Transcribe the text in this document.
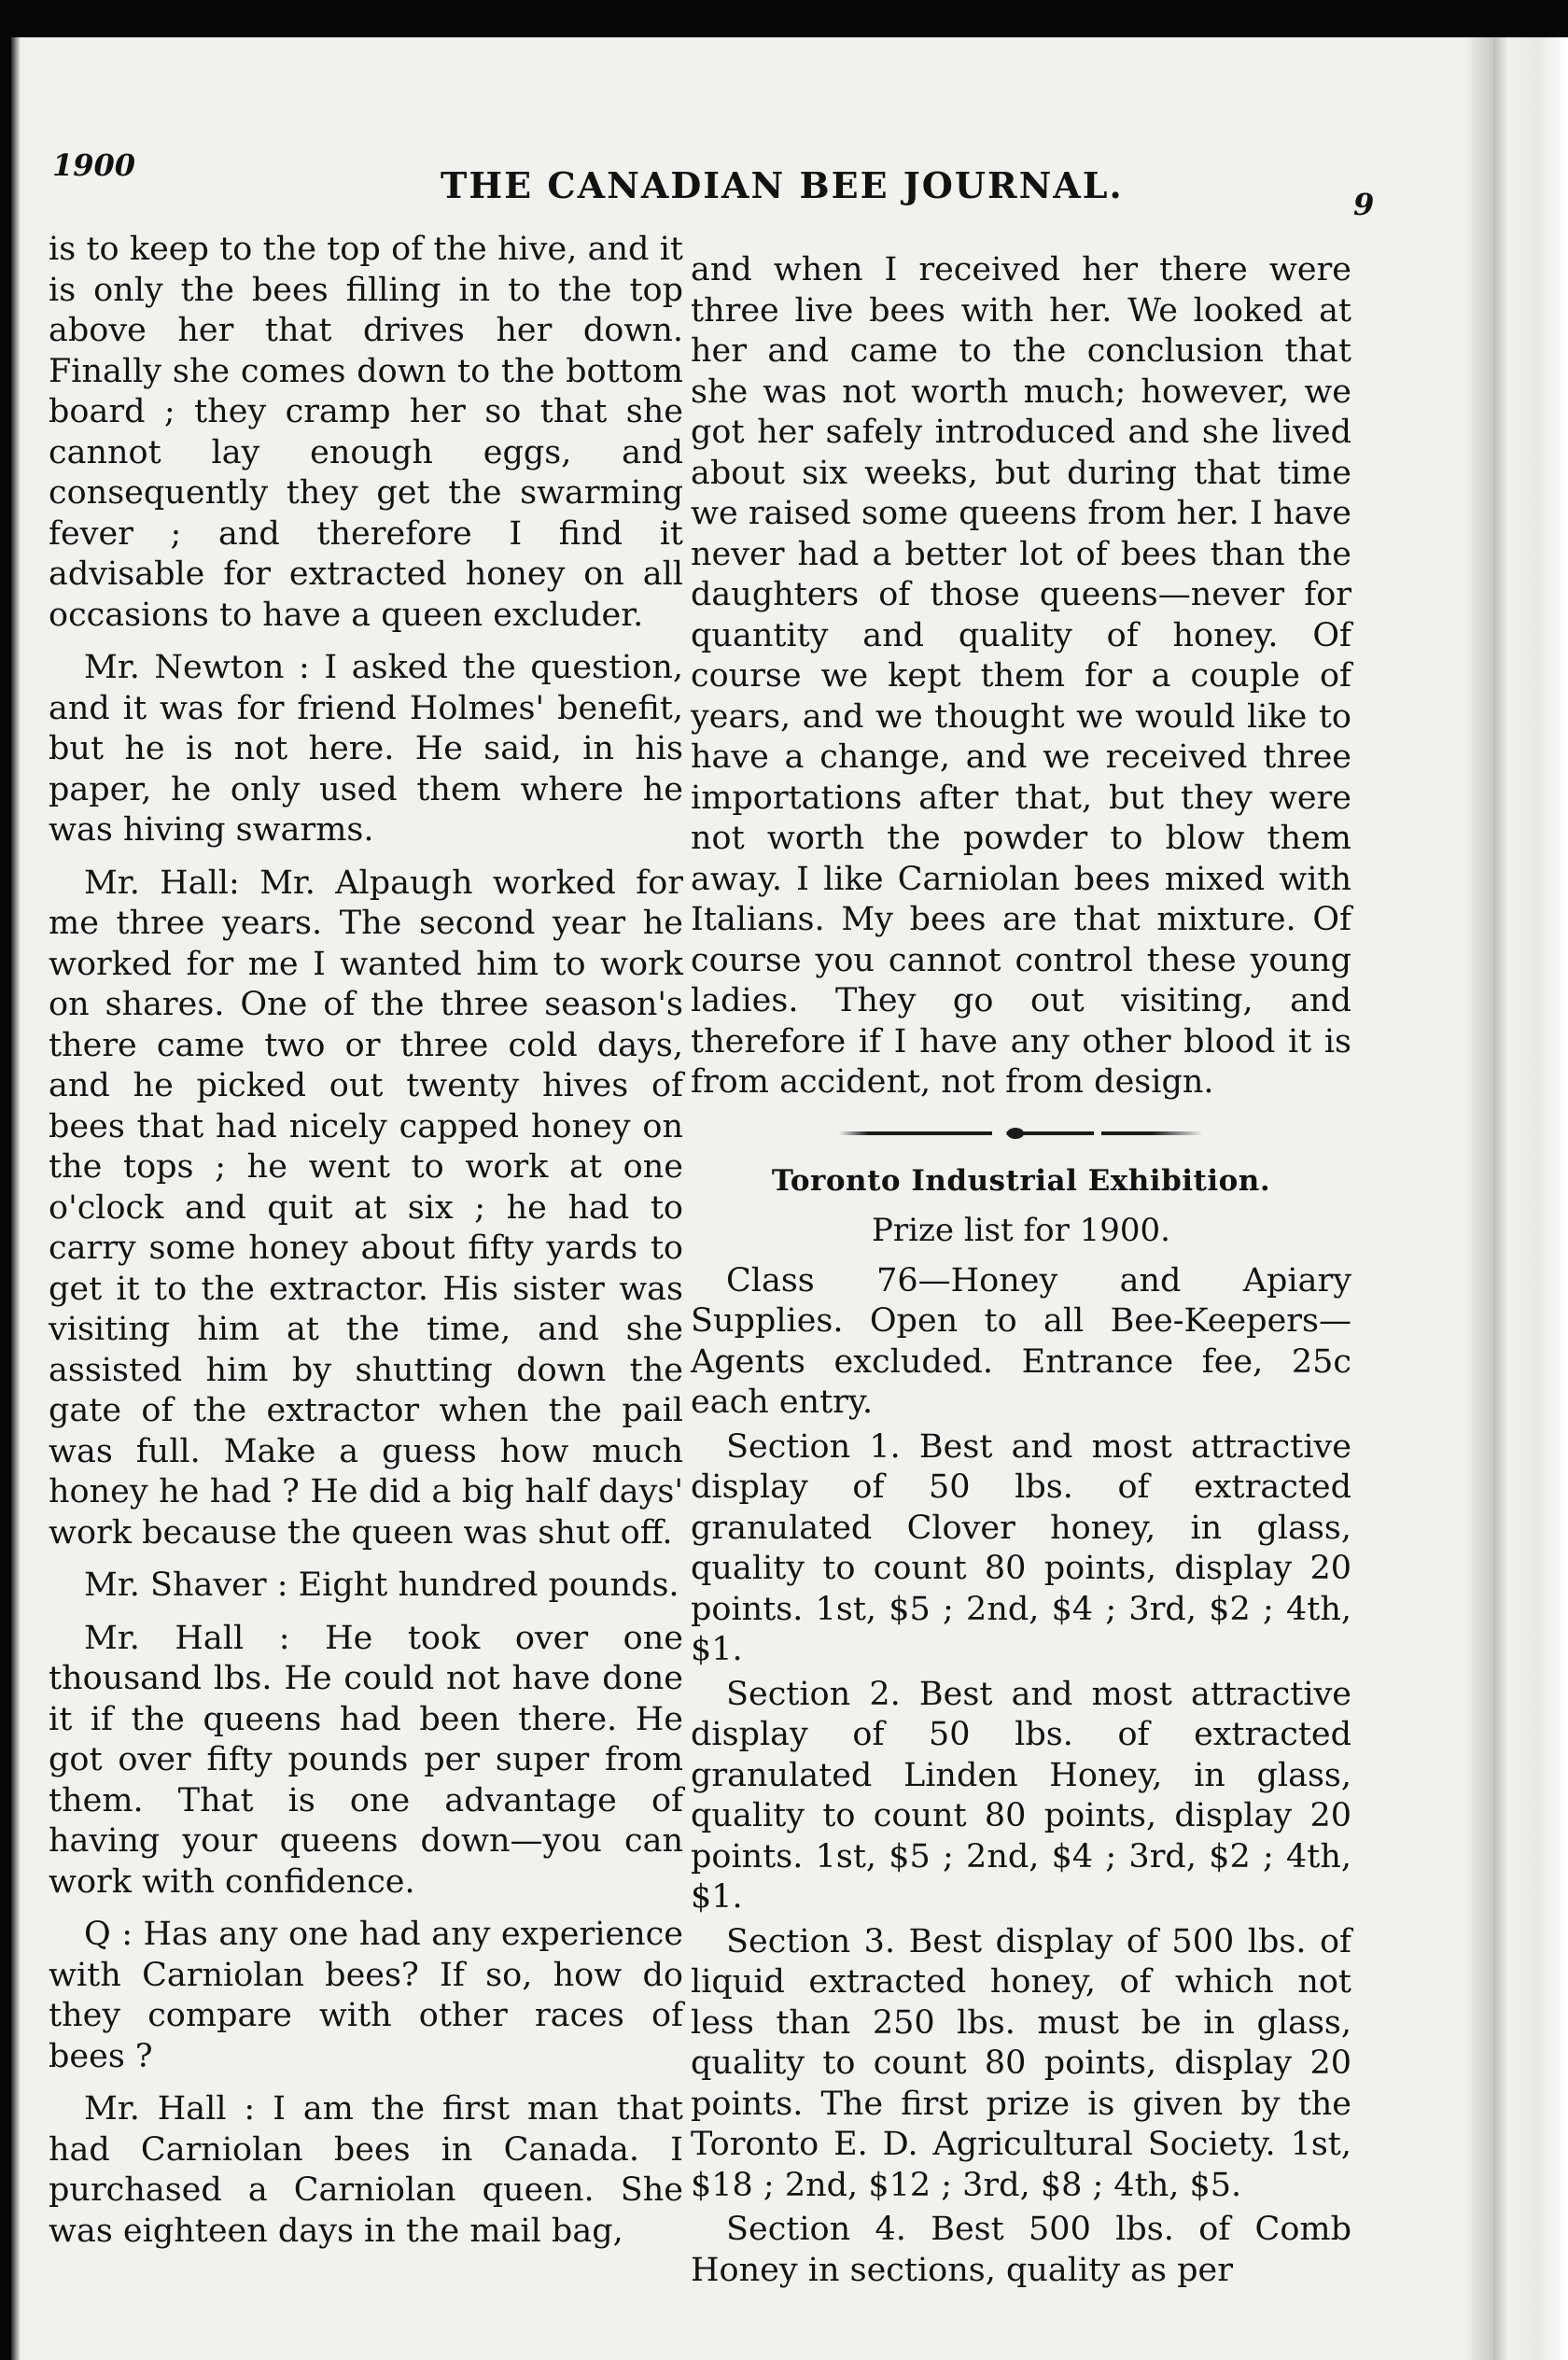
1900	THE CANADIAN BEE JOURNAL.	9

is to keep to the top of the hive, and it is only the bees filling in to the top above her that drives her down. Finally she comes down to the bottom board ; they cramp her so that she cannot lay enough eggs, and consequently they get the swarming fever ; and therefore I find it advisable for extracted honey on all occasions to have a queen excluder.

Mr. Newton : I asked the question, and it was for friend Holmes' benefit, but he is not here. He said, in his paper, he only used them where he was hiving swarms.

Mr. Hall: Mr. Alpaugh worked for me three years. The second year he worked for me I wanted him to work on shares. One of the three season's there came two or three cold days, and he picked out twenty hives of bees that had nicely capped honey on the tops ; he went to work at one o'clock and quit at six ; he had to carry some honey about fifty yards to get it to the extractor. His sister was visiting him at the time, and she assisted him by shutting down the gate of the extractor when the pail was full. Make a guess how much honey he had ? He did a big half days' work because the queen was shut off.

Mr. Shaver : Eight hundred pounds.

Mr. Hall : He took over one thousand lbs. He could not have done it if the queens had been there. He got over fifty pounds per super from them. That is one advantage of having your queens down—you can work with confidence.

Q : Has any one had any experience with Carniolan bees? If so, how do they compare with other races of bees ?

Mr. Hall : I am the first man that had Carniolan bees in Canada. I purchased a Carniolan queen. She was eighteen days in the mail bag,

and when I received her there were three live bees with her. We looked at her and came to the conclusion that she was not worth much; however, we got her safely introduced and she lived about six weeks, but during that time we raised some queens from her. I have never had a better lot of bees than the daughters of those queens—never for quantity and quality of honey. Of course we kept them for a couple of years, and we thought we would like to have a change, and we received three importations after that, but they were not worth the powder to blow them away. I like Carniolan bees mixed with Italians. My bees are that mixture. Of course you cannot control these young ladies. They go out visiting, and therefore if I have any other blood it is from accident, not from design.

Toronto Industrial Exhibition.
Prize list for 1900.

Class 76—Honey and Apiary Supplies. Open to all Bee-Keepers—Agents excluded. Entrance fee, 25c each entry.

Section 1. Best and most attractive display of 50 lbs. of extracted granulated Clover honey, in glass, quality to count 80 points, display 20 points. 1st, $5 ; 2nd, $4 ; 3rd, $2 ; 4th, $1.

Section 2. Best and most attractive display of 50 lbs. of extracted granulated Linden Honey, in glass, quality to count 80 points, display 20 points. 1st, $5 ; 2nd, $4 ; 3rd, $2 ; 4th, $1.

Section 3. Best display of 500 lbs. of liquid extracted honey, of which not less than 250 lbs. must be in glass, quality to count 80 points, display 20 points. The first prize is given by the Toronto E. D. Agricultural Society. 1st, $18 ; 2nd, $12 ; 3rd, $8 ; 4th, $5.

Section 4. Best 500 lbs. of Comb Honey in sections, quality as per
